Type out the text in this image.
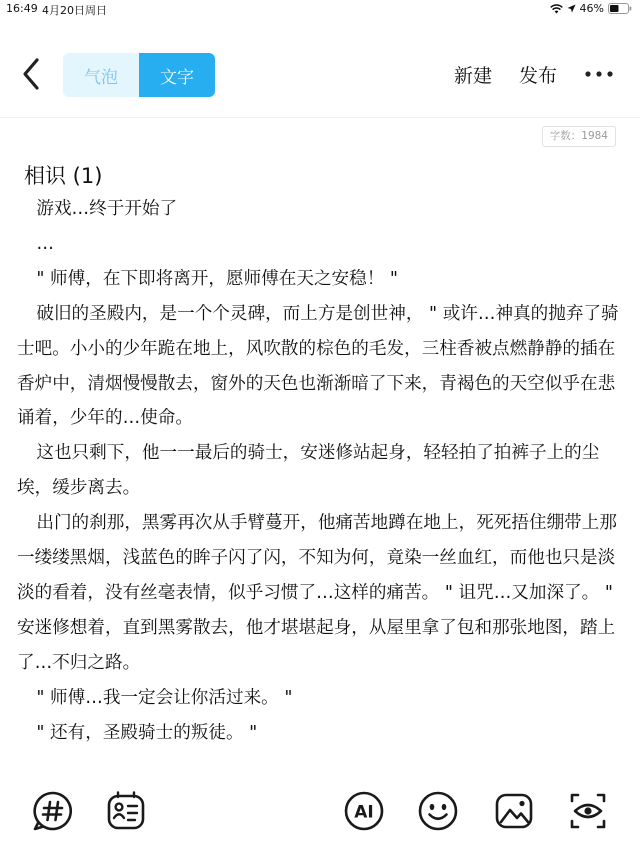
16:49 4月20日周日	46%
气泡	文字	新建 发布
字数：1984
相识 (1)

游戏…终于开始了

…

" 师傅，在下即将离开，愿师傅在天之安稳！ "

破旧的圣殿内，是一个个灵碑，而上方是创世神， " 或许…神真的抛弃了骑士吧。小小的少年跪在地上，风吹散的棕色的毛发，三柱香被点燃静静的插在香炉中，清烟慢慢散去，窗外的天色也渐渐暗了下来，青褐色的天空似乎在悲诵着，少年的…使命。

这也只剩下，他一一最后的骑士，安迷修站起身，轻轻拍了拍裤子上的尘埃，缓步离去。

出门的刹那，黑雾再次从手臂蔓开，他痛苦地蹲在地上，死死捂住绷带上那一缕缕黑烟，浅蓝色的眸子闪了闪，不知为何，竟染一丝血红，而他也只是淡淡的看着，没有丝毫表情，似乎习惯了…这样的痛苦。 " 诅咒…又加深了。 " 安迷修想着，直到黑雾散去，他才堪堪起身，从屋里拿了包和那张地图，踏上了…不归之路。

" 师傅…我一定会让你活过来。 "

" 还有，圣殿骑士的叛徒。 "

AI
